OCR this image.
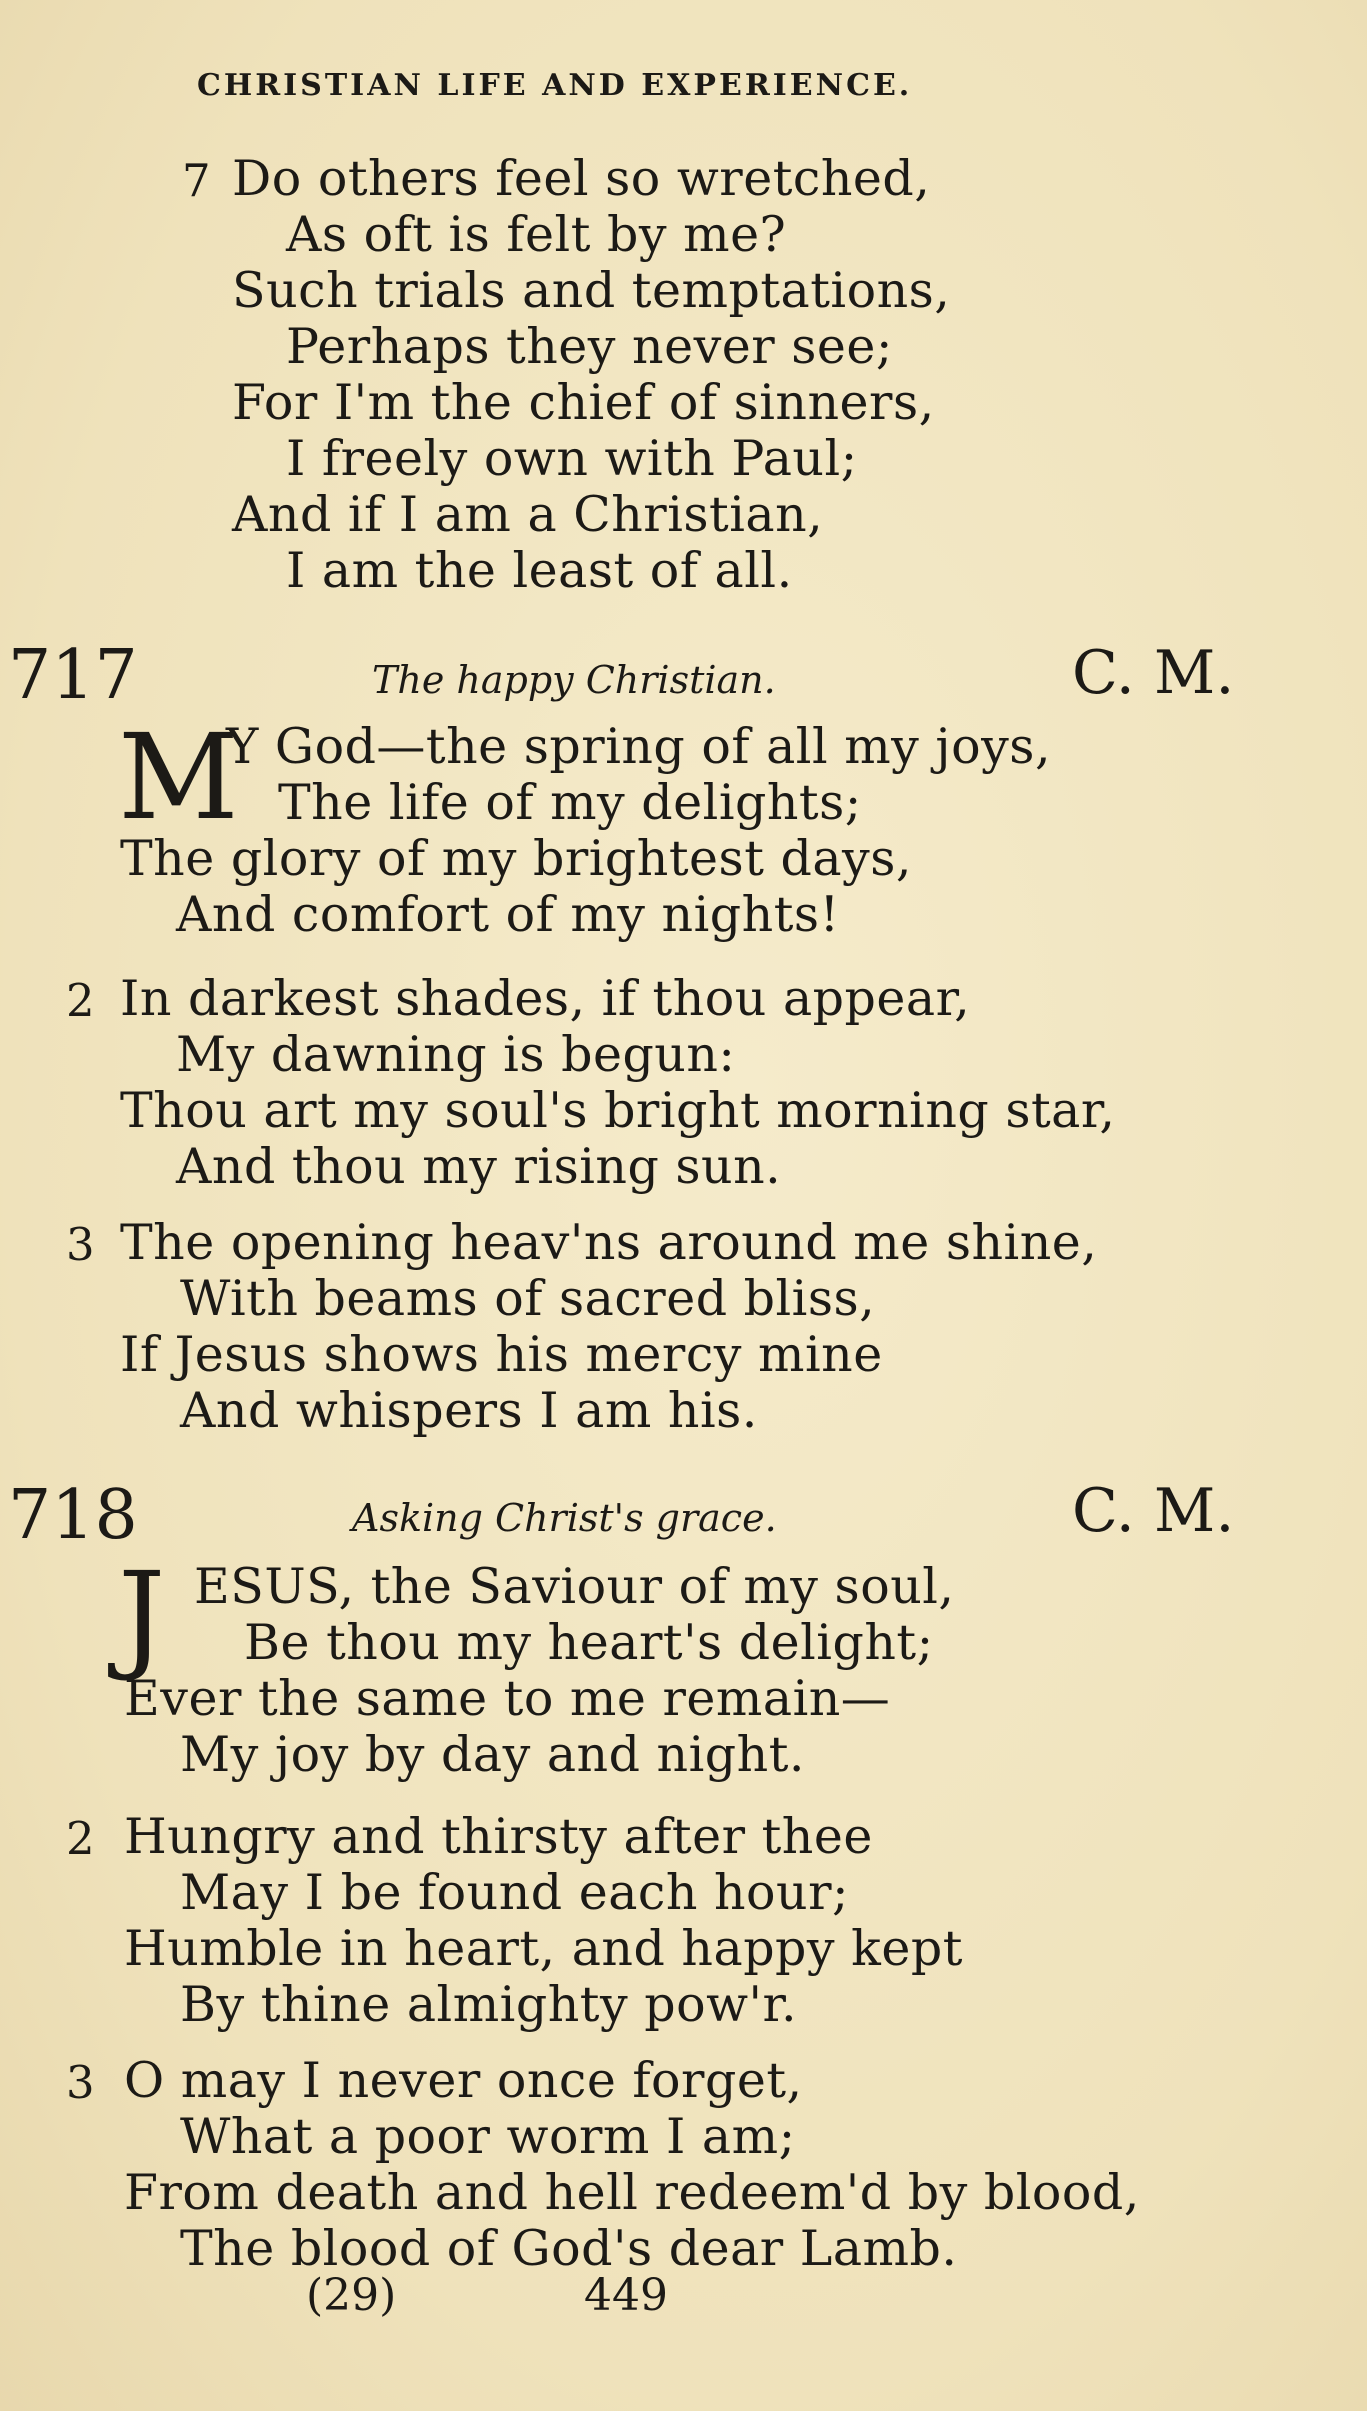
CHRISTIAN LIFE AND EXPERIENCE.
7 Do others feel so wretched,
As oft is felt by me?
Such trials and temptations,
Perhaps they never see;
For I'm the chief of sinners,
I freely own with Paul;
And if I am a Christian,
I am the least of all.
717	The happy Christian.	C. M.
M
Y God—the spring of all my joys,
The life of my delights;
The glory of my brightest days,
And comfort of my nights!
2 In darkest shades, if thou appear,
My dawning is begun:
Thou art my soul's bright morning star,
And thou my rising sun.
3 The opening heav'ns around me shine,
With beams of sacred bliss,
If Jesus shows his mercy mine
And whispers I am his.
718	Asking Christ's grace.	C. M.
J ESUS, the Saviour of my soul,
Be thou my heart's delight;
Ever the same to me remain—
My joy by day and night.
2 Hungry and thirsty after thee
May I be found each hour;
Humble in heart, and happy kept
By thine almighty pow'r.
3 O may I never once forget,
What a poor worm I am;
From death and hell redeem'd by blood,
The blood of God's dear Lamb.
(29)	449
